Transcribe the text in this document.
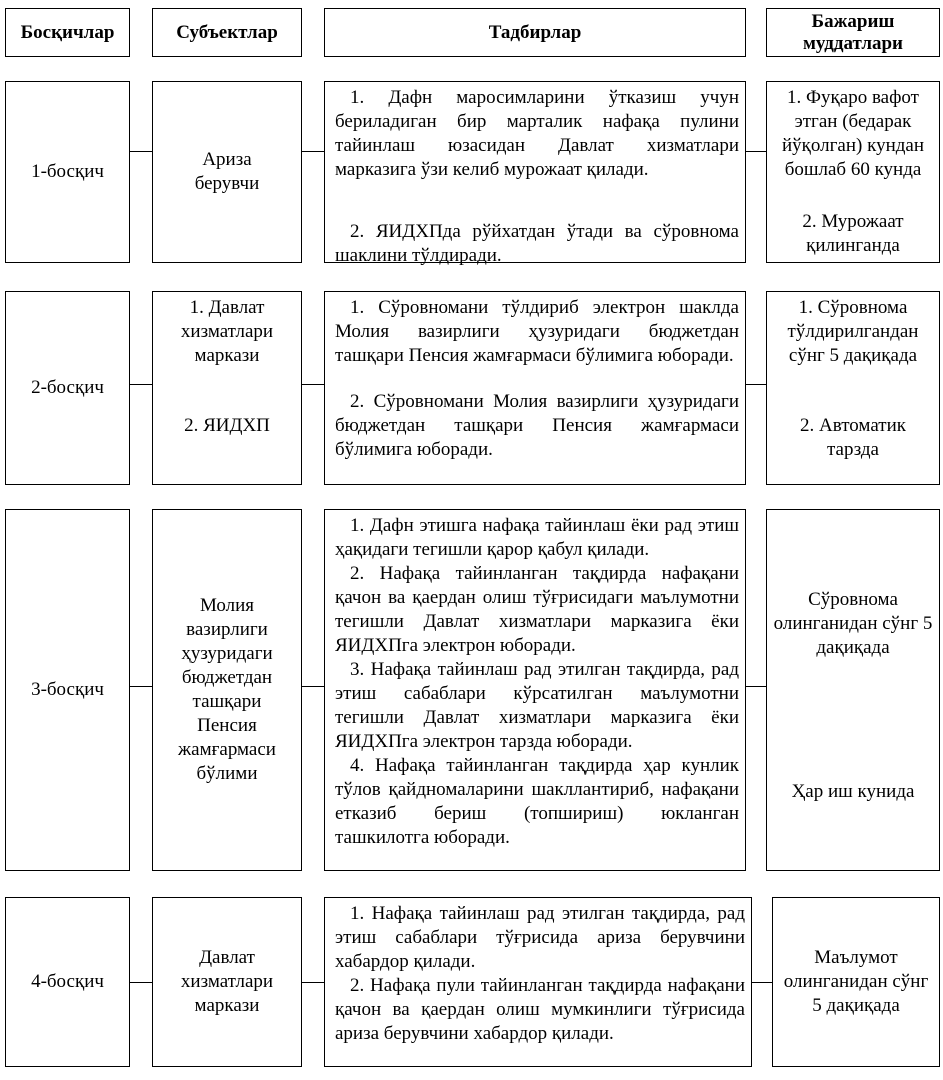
Босқичлар	Субъектлар	Тадбирлар
Бажариш муддатлари
1-босқич
Ариза берувчи

1. Дафн маросимларини ўтказиш учун бериладиган бир марталик нафақа пулини тайинлаш юзасидан Давлат хизматлари марказига ўзи келиб мурожаат қилади.

2. ЯИДХПда рўйхатдан ўтади ва сўровнома шаклини тўлдиради.

1. Фуқаро вафот этган (бедарак йўқолган) кундан бошлаб 60 кунда
2. Мурожаат қилинганда
2-босқич
1. Давлат хизматлари маркази
2. ЯИДХП

1. Сўровномани тўлдириб электрон шаклда Молия вазирлиги ҳузуридаги бюджетдан ташқари Пенсия жамғармаси бўлимига юборади.

2. Сўровномани Молия вазирлиги ҳузуридаги бюджетдан ташқари Пенсия жамғармаси бўлимига юборади.

1. Сўровнома тўлдирилгандан сўнг 5 дақиқада
2. Автоматик тарзда
3-босқич
Молия вазирлиги ҳузуридаги бюджетдан ташқари Пенсия жамғармаси бўлими

1. Дафн этишга нафақа тайинлаш ёки рад этиш ҳақидаги тегишли қарор қабул қилади.

2. Нафақа тайинланган тақдирда нафақани қачон ва қаердан олиш тўғрисидаги маълумотни тегишли Давлат хизматлари марказига ёки ЯИДХПга электрон юборади.

3. Нафақа тайинлаш рад этилган тақдирда, рад этиш сабаблари кўрсатилган маълумотни тегишли Давлат хизматлари марказига ёки ЯИДХПга электрон тарзда юборади.

4. Нафақа тайинланган тақдирда ҳар кунлик тўлов қайдномаларини шакллантириб, нафақани етказиб бериш (топшириш) юкланган ташкилотга юборади.

Сўровнома олинганидан сўнг 5 дақиқада
Ҳар иш кунида
4-босқич
Давлат хизматлари маркази

1. Нафақа тайинлаш рад этилган тақдирда, рад этиш сабаблари тўғрисида ариза берувчини хабардор қилади.

2. Нафақа пули тайинланган тақдирда нафақани қачон ва қаердан олиш мумкинлиги тўғрисида ариза берувчини хабардор қилади.

Маълумот олинганидан сўнг 5 дақиқада
